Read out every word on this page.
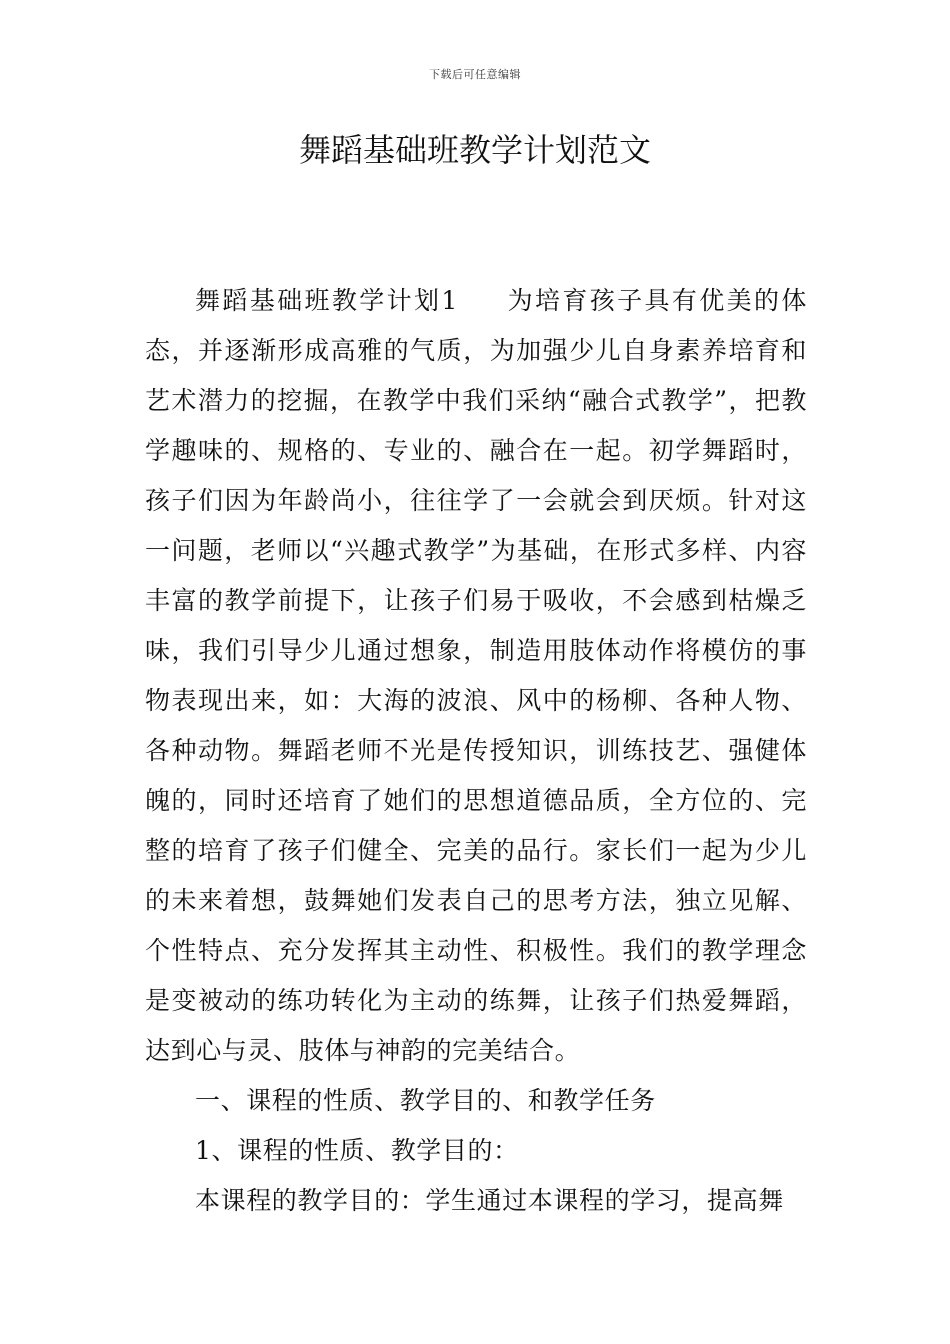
下载后可任意编辑
舞蹈基础班教学计划范文

舞蹈基础班教学计划1 为培育孩子具有优美的体态，并逐渐形成高雅的气质，为加强少儿自身素养培育和艺术潜力的挖掘，在教学中我们采纳“融合式教学”，把教学趣味的、规格的、专业的、融合在一起。初学舞蹈时，孩子们因为年龄尚小，往往学了一会就会到厌烦。针对这一问题，老师以“兴趣式教学”为基础，在形式多样、内容丰富的教学前提下，让孩子们易于吸收，不会感到枯燥乏味，我们引导少儿通过想象，制造用肢体动作将模仿的事物表现出来，如：大海的波浪、风中的杨柳、各种人物、各种动物。舞蹈老师不光是传授知识，训练技艺、强健体魄的，同时还培育了她们的思想道德品质，全方位的、完整的培育了孩子们健全、完美的品行。家长们一起为少儿的未来着想，鼓舞她们发表自己的思考方法，独立见解、个性特点、充分发挥其主动性、积极性。我们的教学理念是变被动的练功转化为主动的练舞，让孩子们热爱舞蹈，达到心与灵、肢体与神韵的完美结合。

一、课程的性质、教学目的、和教学任务

1、课程的性质、教学目的：

本课程的教学目的：学生通过本课程的学习，提高舞
